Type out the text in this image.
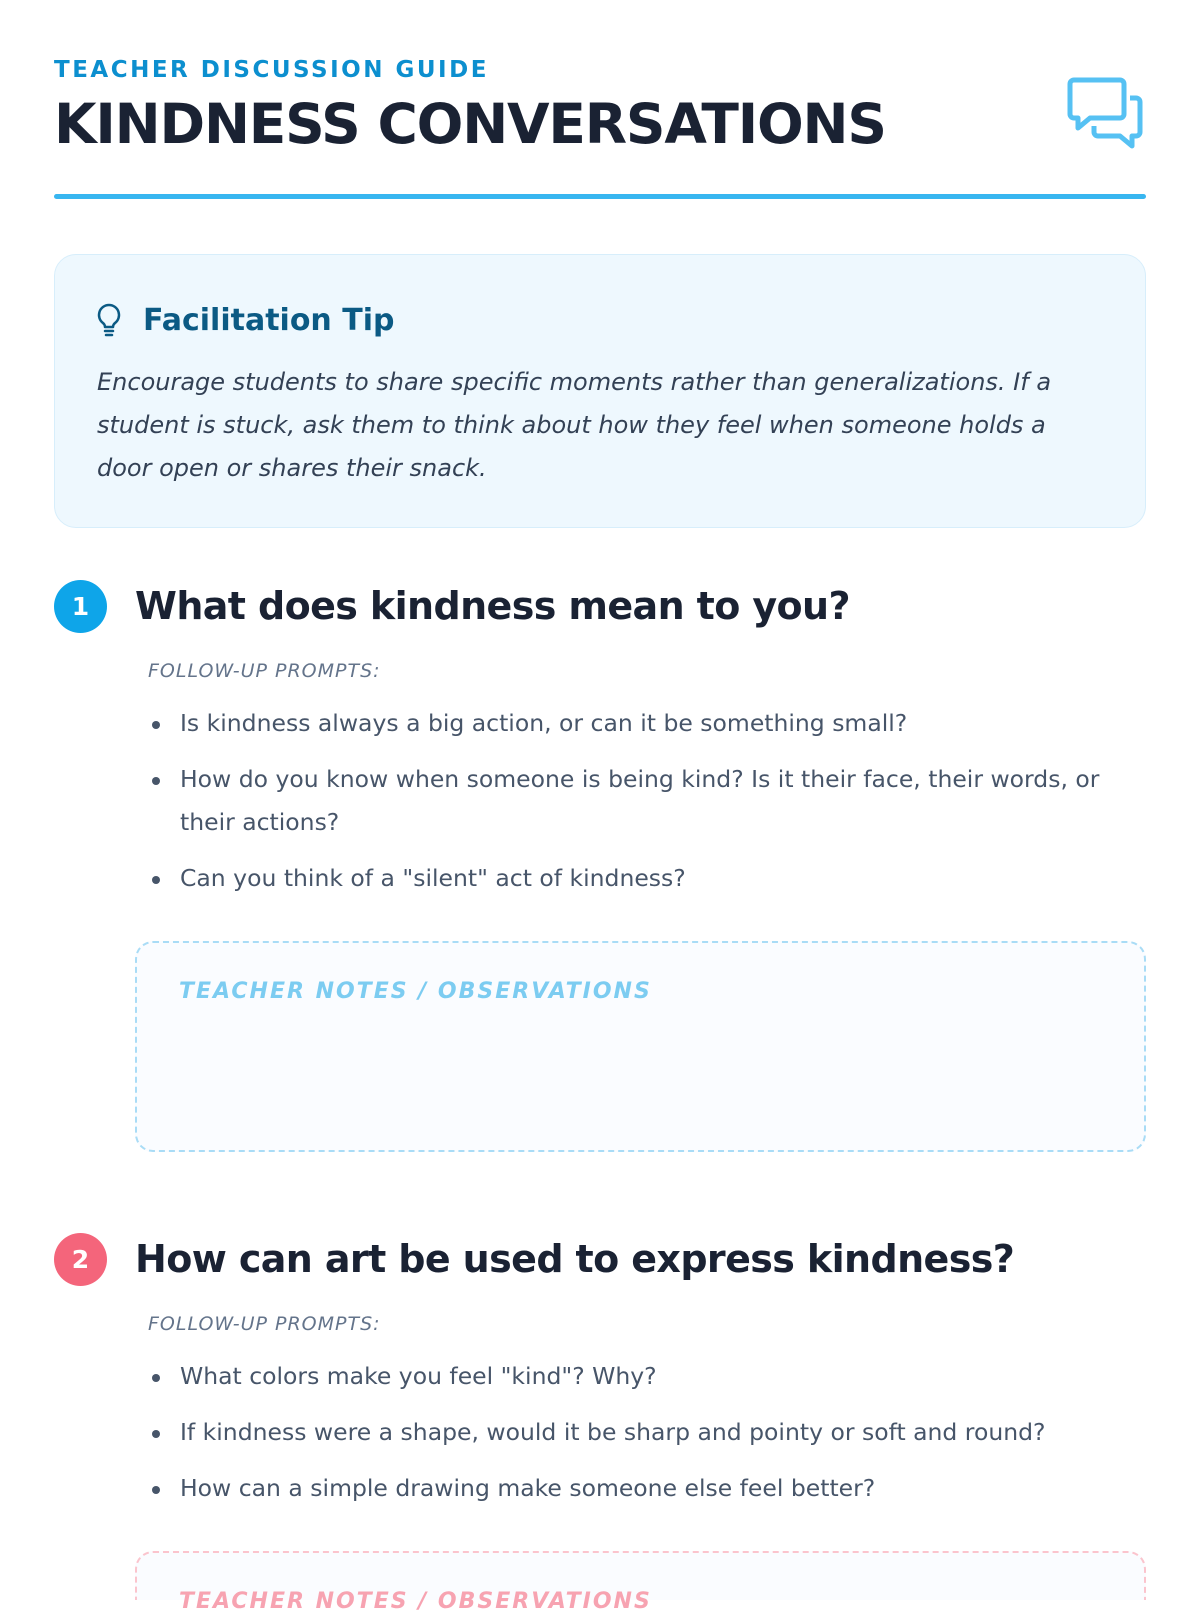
TEACHER DISCUSSION GUIDE
KINDNESS CONVERSATIONS
Facilitation Tip
Encourage students to share specific moments rather than generalizations. If a student is stuck, ask them to think about how they feel when someone holds a door open or shares their snack.
1	What does kindness mean to you?
FOLLOW-UP PROMPTS:
Is kindness always a big action, or can it be something small?
How do you know when someone is being kind? Is it their face, their words, or their actions?
Can you think of a "silent" act of kindness?
TEACHER NOTES / OBSERVATIONS
2	How can art be used to express kindness?
FOLLOW-UP PROMPTS:
What colors make you feel "kind"? Why?
If kindness were a shape, would it be sharp and pointy or soft and round?
How can a simple drawing make someone else feel better?
TEACHER NOTES / OBSERVATIONS
